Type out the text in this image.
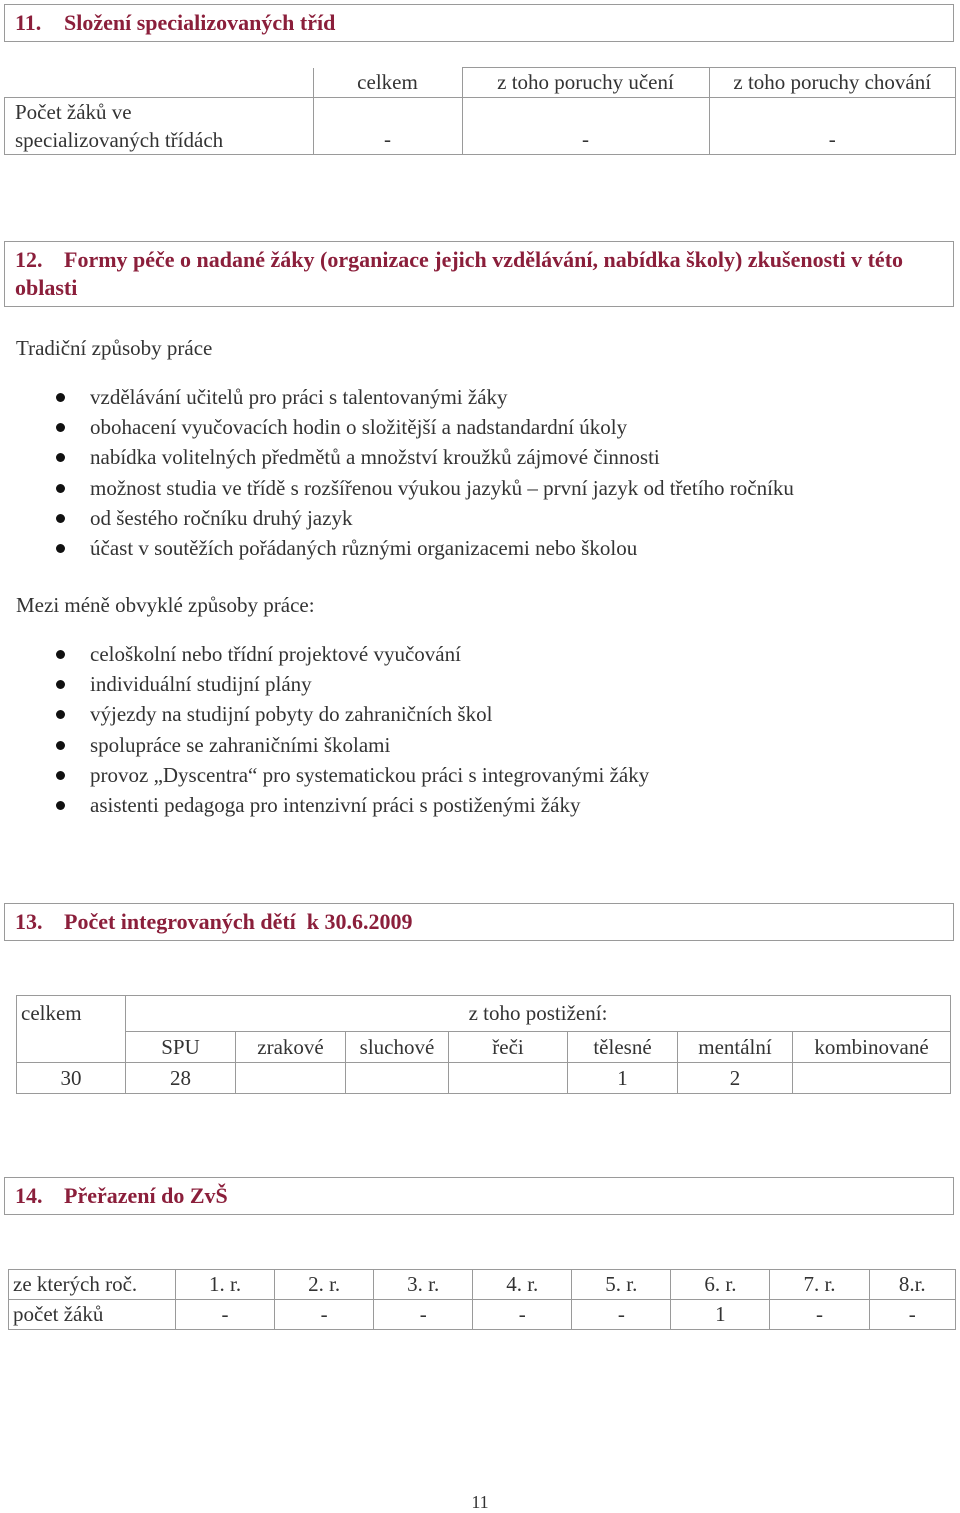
11. Složení specializovaných tříd
	celkem	z toho poruchy učení	z toho poruchy chování

Počet žáků ve
specializovaných třídách	-	-	-
12. Formy péče o nadané žáky (organizace jejich vzdělávání, nabídka školy) zkušenosti v této oblasti
Tradiční způsoby práce
vzdělávání učitelů pro práci s talentovanými žáky
obohacení vyučovacích hodin o složitější a nadstandardní úkoly
nabídka volitelných předmětů a množství kroužků zájmové činnosti
možnost studia ve třídě s rozšířenou výukou jazyků – první jazyk od třetího ročníku
od šestého ročníku druhý jazyk
účast v soutěžích pořádaných různými organizacemi nebo školou
Mezi méně obvyklé způsoby práce:
celoškolní nebo třídní projektové vyučování
individuální studijní plány
výjezdy na studijní pobyty do zahraničních škol
spolupráce se zahraničními školami
provoz „Dyscentra“ pro systematickou práci s integrovanými žáky
asistenti pedagoga pro intenzivní práci s postiženými žáky
13. Počet integrovaných dětí  k 30.6.2009
celkem	z toho postižení:						
	SPU	zrakové	sluchové	řeči	tělesné	mentální	kombinované
30	28				1	2	
14. Přeřazení do ZvŠ
ze kterých roč.	1. r.	2. r.	3. r.	4. r.	5. r.	6. r.	7. r.	8.r.
počet žáků	-	-	-	-	-	1	-	-
11
